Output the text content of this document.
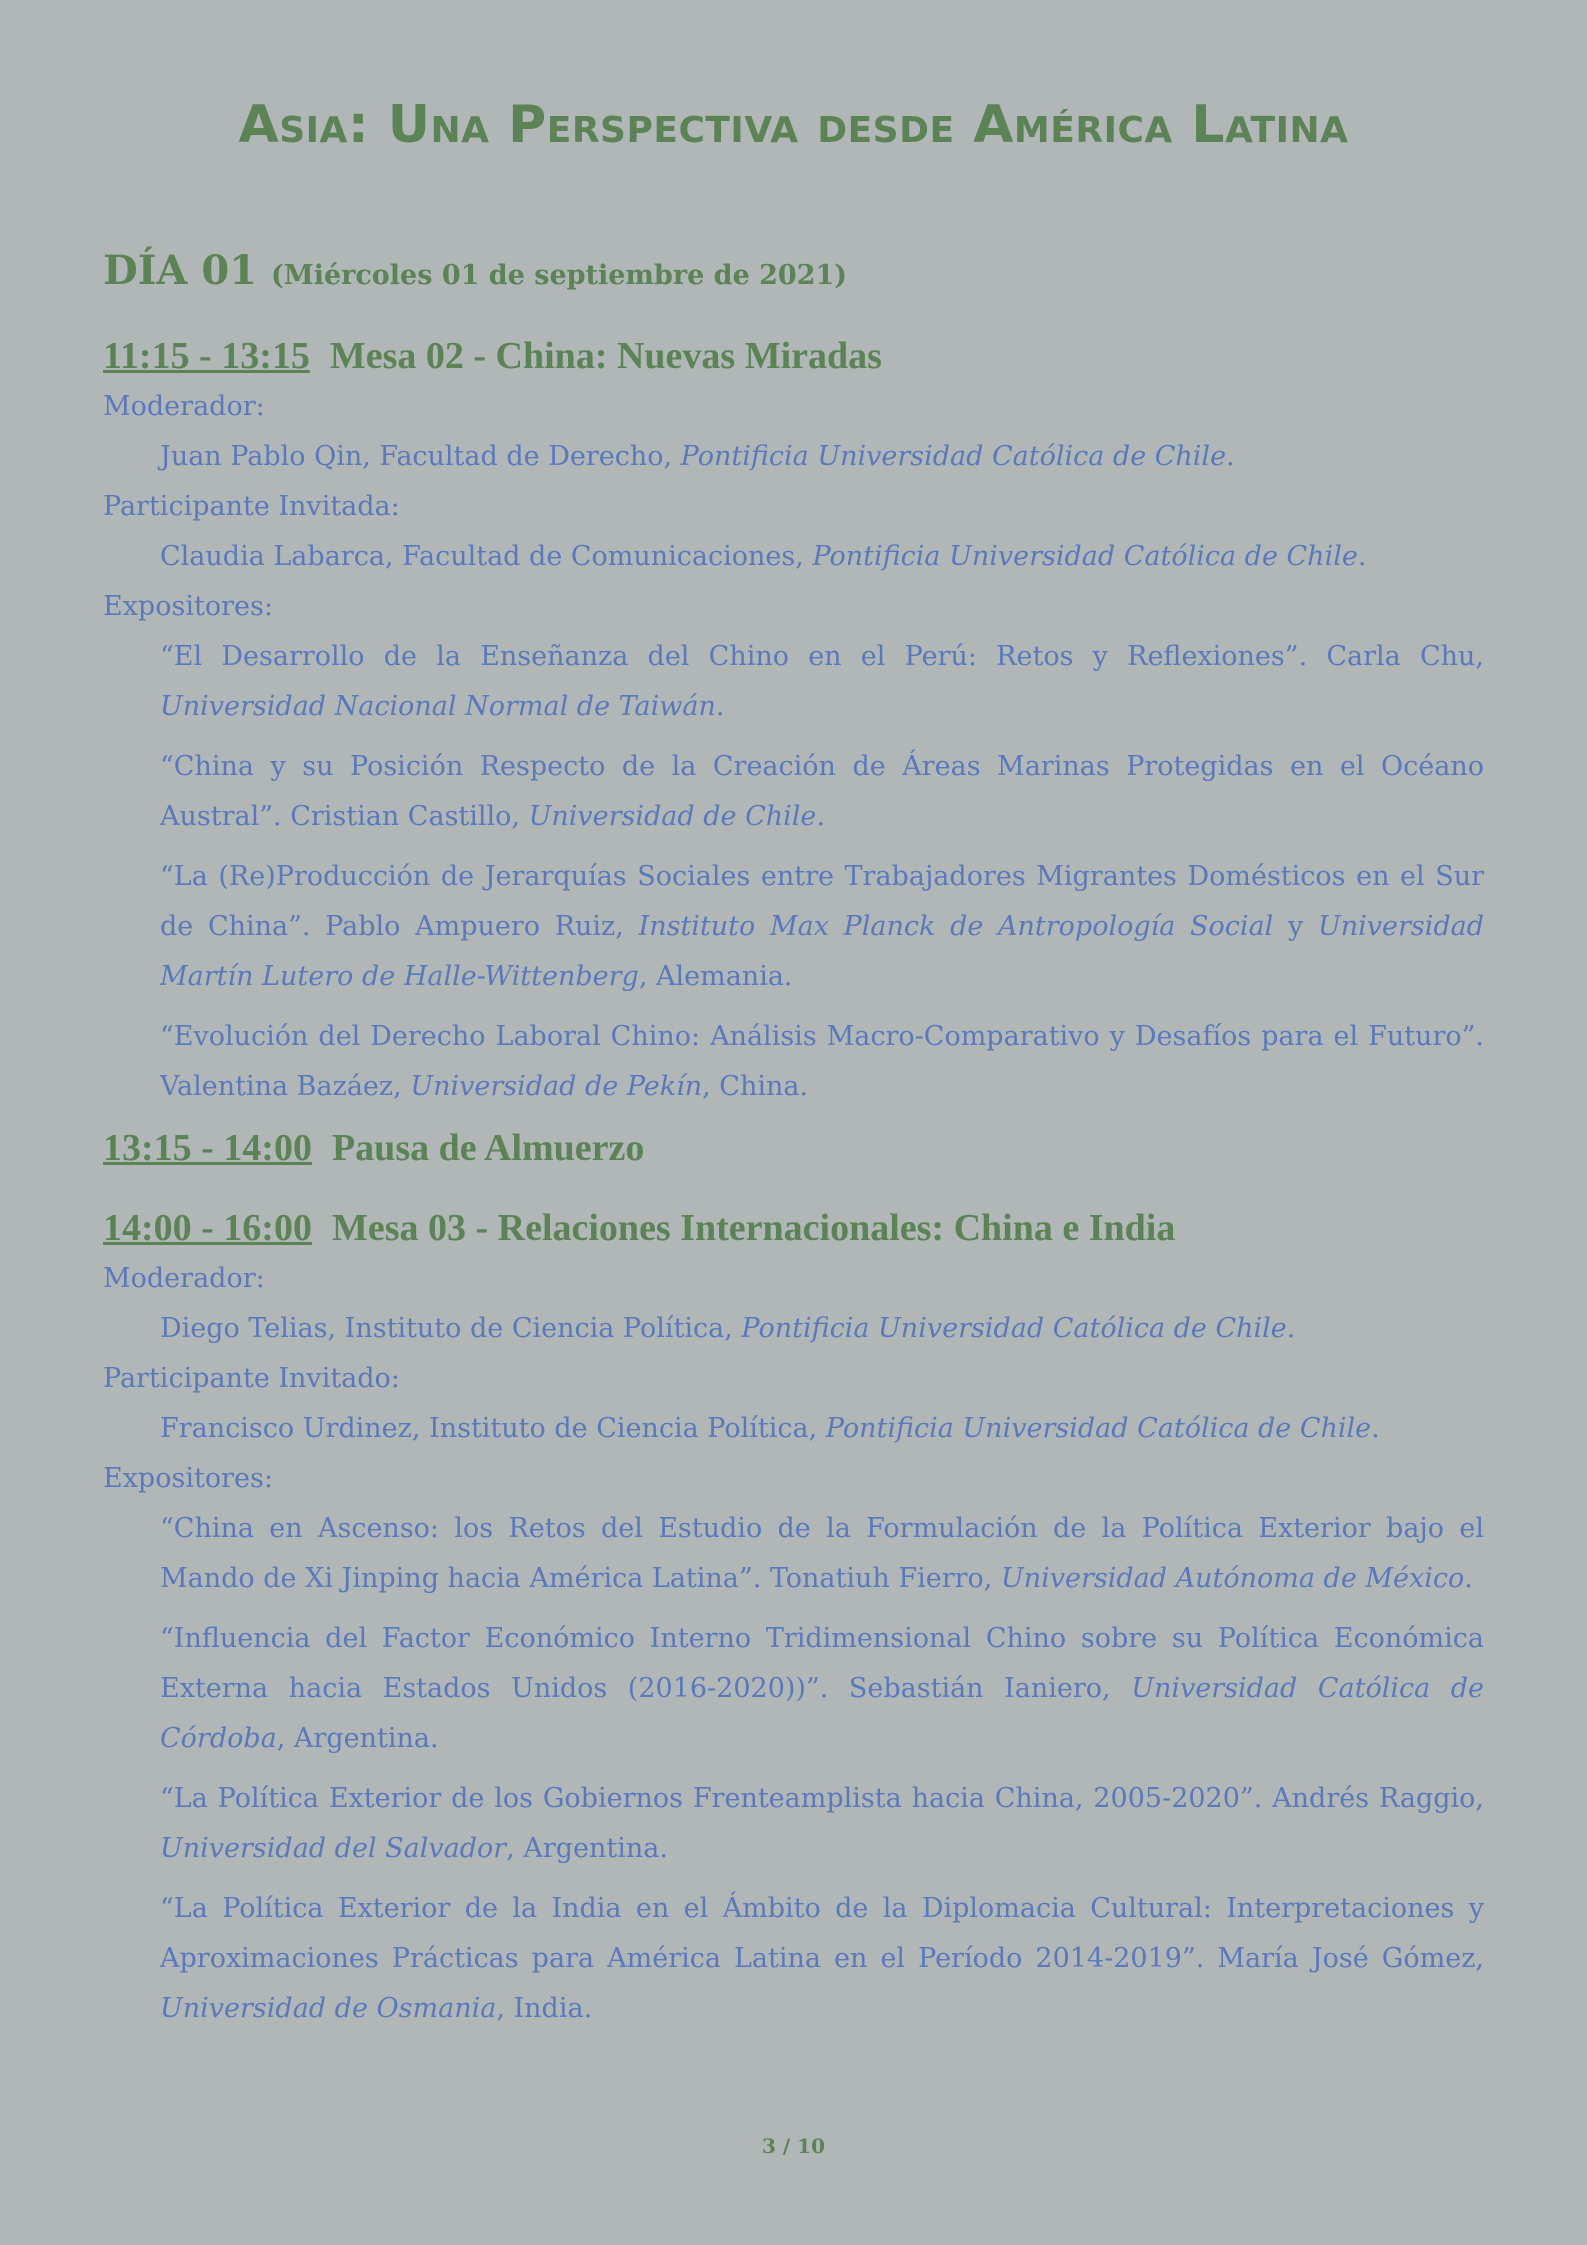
Asia: Una Perspectiva desde América Latina
DÍA 01 (Miércoles 01 de septiembre de 2021)

11:15 - 13:15 Mesa 02 - China: Nuevas Miradas

Moderador:

Juan Pablo Qin, Facultad de Derecho, Pontificia Universidad Católica de Chile.

Participante Invitada:

Claudia Labarca, Facultad de Comunicaciones, Pontificia Universidad Católica de Chile.

Expositores:

“El Desarrollo de la Enseñanza del Chino en el Perú: Retos y Reflexiones”. Carla Chu, Universidad Nacional Normal de Taiwán.

“China y su Posición Respecto de la Creación de Áreas Marinas Protegidas en el Océano Austral”. Cristian Castillo, Universidad de Chile.

“La (Re)Producción de Jerarquías Sociales entre Trabajadores Migrantes Domésticos en el Sur de China”. Pablo Ampuero Ruiz, Instituto Max Planck de Antropología Social y Universidad Martín Lutero de Halle-Wittenberg, Alemania.

“Evolución del Derecho Laboral Chino: Análisis Macro-Comparativo y Desafíos para el Futuro”. Valentina Bazáez, Universidad de Pekín, China.

13:15 - 14:00 Pausa de Almuerzo

14:00 - 16:00 Mesa 03 - Relaciones Internacionales: China e India

Moderador:

Diego Telias, Instituto de Ciencia Política, Pontificia Universidad Católica de Chile.

Participante Invitado:

Francisco Urdinez, Instituto de Ciencia Política, Pontificia Universidad Católica de Chile.

Expositores:

“China en Ascenso: los Retos del Estudio de la Formulación de la Política Exterior bajo el Mando de Xi Jinping hacia América Latina”. Tonatiuh Fierro, Universidad Autónoma de México.

“Influencia del Factor Económico Interno Tridimensional Chino sobre su Política Económica Externa hacia Estados Unidos (2016-2020))”. Sebastián Ianiero, Universidad Católica de Córdoba, Argentina.

“La Política Exterior de los Gobiernos Frenteamplista hacia China, 2005-2020”. Andrés Raggio, Universidad del Salvador, Argentina.

“La Política Exterior de la India en el Ámbito de la Diplomacia Cultural: Interpretaciones y Aproximaciones Prácticas para América Latina en el Período 2014-2019”. María José Gómez, Universidad de Osmania, India.

3 / 10
